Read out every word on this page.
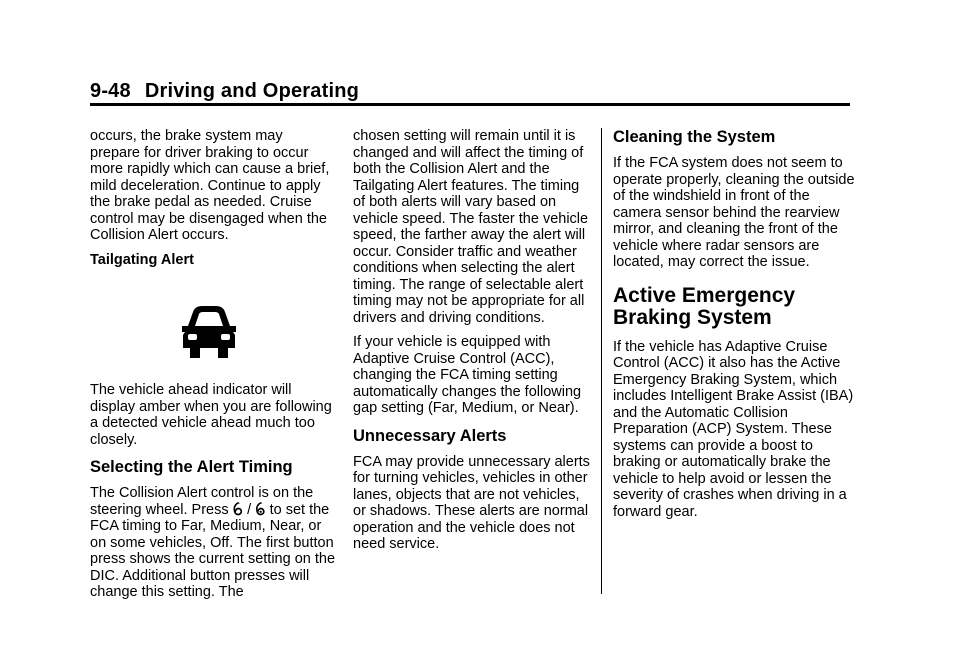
9-48 Driving and Operating

occurs, the brake system may prepare for driver braking to occur more rapidly which can cause a brief, mild deceleration. Continue to apply the brake pedal as needed. Cruise control may be disengaged when the Collision Alert occurs.

Tailgating Alert

The vehicle ahead indicator will display amber when you are following a detected vehicle ahead much too closely.

Selecting the Alert Timing

The Collision Alert control is on the steering wheel. Press ꕃ / ꕄ to set the FCA timing to Far, Medium, Near, or on some vehicles, Off. The first button press shows the current setting on the DIC. Additional button presses will change this setting. The

chosen setting will remain until it is changed and will affect the timing of both the Collision Alert and the Tailgating Alert features. The timing of both alerts will vary based on vehicle speed. The faster the vehicle speed, the farther away the alert will occur. Consider traffic and weather conditions when selecting the alert timing. The range of selectable alert timing may not be appropriate for all drivers and driving conditions.

If your vehicle is equipped with Adaptive Cruise Control (ACC), changing the FCA timing setting automatically changes the following gap setting (Far, Medium, or Near).

Unnecessary Alerts

FCA may provide unnecessary alerts for turning vehicles, vehicles in other lanes, objects that are not vehicles, or shadows. These alerts are normal operation and the vehicle does not need service.

Cleaning the System

If the FCA system does not seem to operate properly, cleaning the outside of the windshield in front of the camera sensor behind the rearview mirror, and cleaning the front of the vehicle where radar sensors are located, may correct the issue.

Active Emergency Braking System

If the vehicle has Adaptive Cruise Control (ACC) it also has the Active Emergency Braking System, which includes Intelligent Brake Assist (IBA) and the Automatic Collision Preparation (ACP) System. These systems can provide a boost to braking or automatically brake the vehicle to help avoid or lessen the severity of crashes when driving in a forward gear.
